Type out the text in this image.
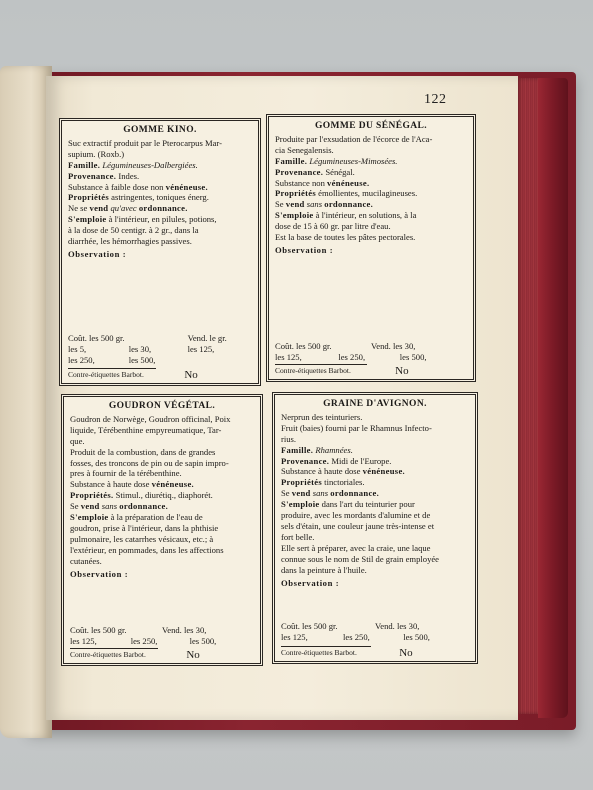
122
GOMME KINO.
Suc extractif produit par le Pterocarpus Mar-
supium. (Roxb.)
Famille. Légumineuses-Dalbergiées.
Provenance. Indes.
Substance à faible dose non vénéneuse.
Propriétés astringentes, toniques énerg.
Ne se vend qu'avec ordonnance.
S'emploie à l'intérieur, en pilules, potions,
à la dose de 50 centigr. à 2 gr., dans la
diarrhée, les hémorrhagies passives.
Observation :
Coût. les 500 gr.	Vend. le gr.
les 5,	les 30,	les 125,
les 250,	les 500,
Contre-étiquettes Barbot.	No
GOMME DU SÉNÉGAL.
Produite par l'exsudation de l'écorce de l'Aca-
cia Senegalensis.
Famille. Légumineuses-Mimosées.
Provenance. Sénégal.
Substance non vénéneuse.
Propriétés émollientes, mucilagineuses.
Se vend sans ordonnance.
S'emploie à l'intérieur, en solutions, à la
dose de 15 à 60 gr. par litre d'eau.
Est la base de toutes les pâtes pectorales.
Observation :
Coût. les 500 gr.	Vend. les 30,
les 125,	les 250,	les 500,
Contre-étiquettes Barbot.	No
GOUDRON VÉGÉTAL.
Goudron de Norwège, Goudron officinal, Poix
liquide, Térébenthine empyreumatique, Tar-
que.
Produit de la combustion, dans de grandes
fosses, des troncons de pin ou de sapin impro-
pres à fournir de la térébenthine.
Substance à haute dose vénéneuse.
Propriétés. Stimul., diurétiq., diaphorét.
Se vend sans ordonnance.
S'emploie à la préparation de l'eau de
goudron, prise à l'intérieur, dans la phthisie
pulmonaire, les catarrhes vésicaux, etc.; à
l'extérieur, en pommades, dans les affections
cutanées.
Observation :
Coût. les 500 gr.	Vend. les 30,
les 125,	les 250,	les 500,
Contre-étiquettes Barbot.	No
GRAINE D'AVIGNON.
Nerprun des teinturiers.
Fruit (baies) fourni par le Rhamnus Infecto-
rius.
Famille. Rhamnées.
Provenance. Midi de l'Europe.
Substance à haute dose vénéneuse.
Propriétés tinctoriales.
Se vend sans ordonnance.
S'emploie dans l'art du teinturier pour
produire, avec les mordants d'alumine et de
sels d'étain, une couleur jaune très-intense et
fort belle.
Elle sert à préparer, avec la craie, une laque
connue sous le nom de Stil de grain employée
dans la peinture à l'huile.
Observation :
Coût. les 500 gr.	Vend. les 30,
les 125,	les 250,	les 500,
Contre-étiquettes Barbot.	No
